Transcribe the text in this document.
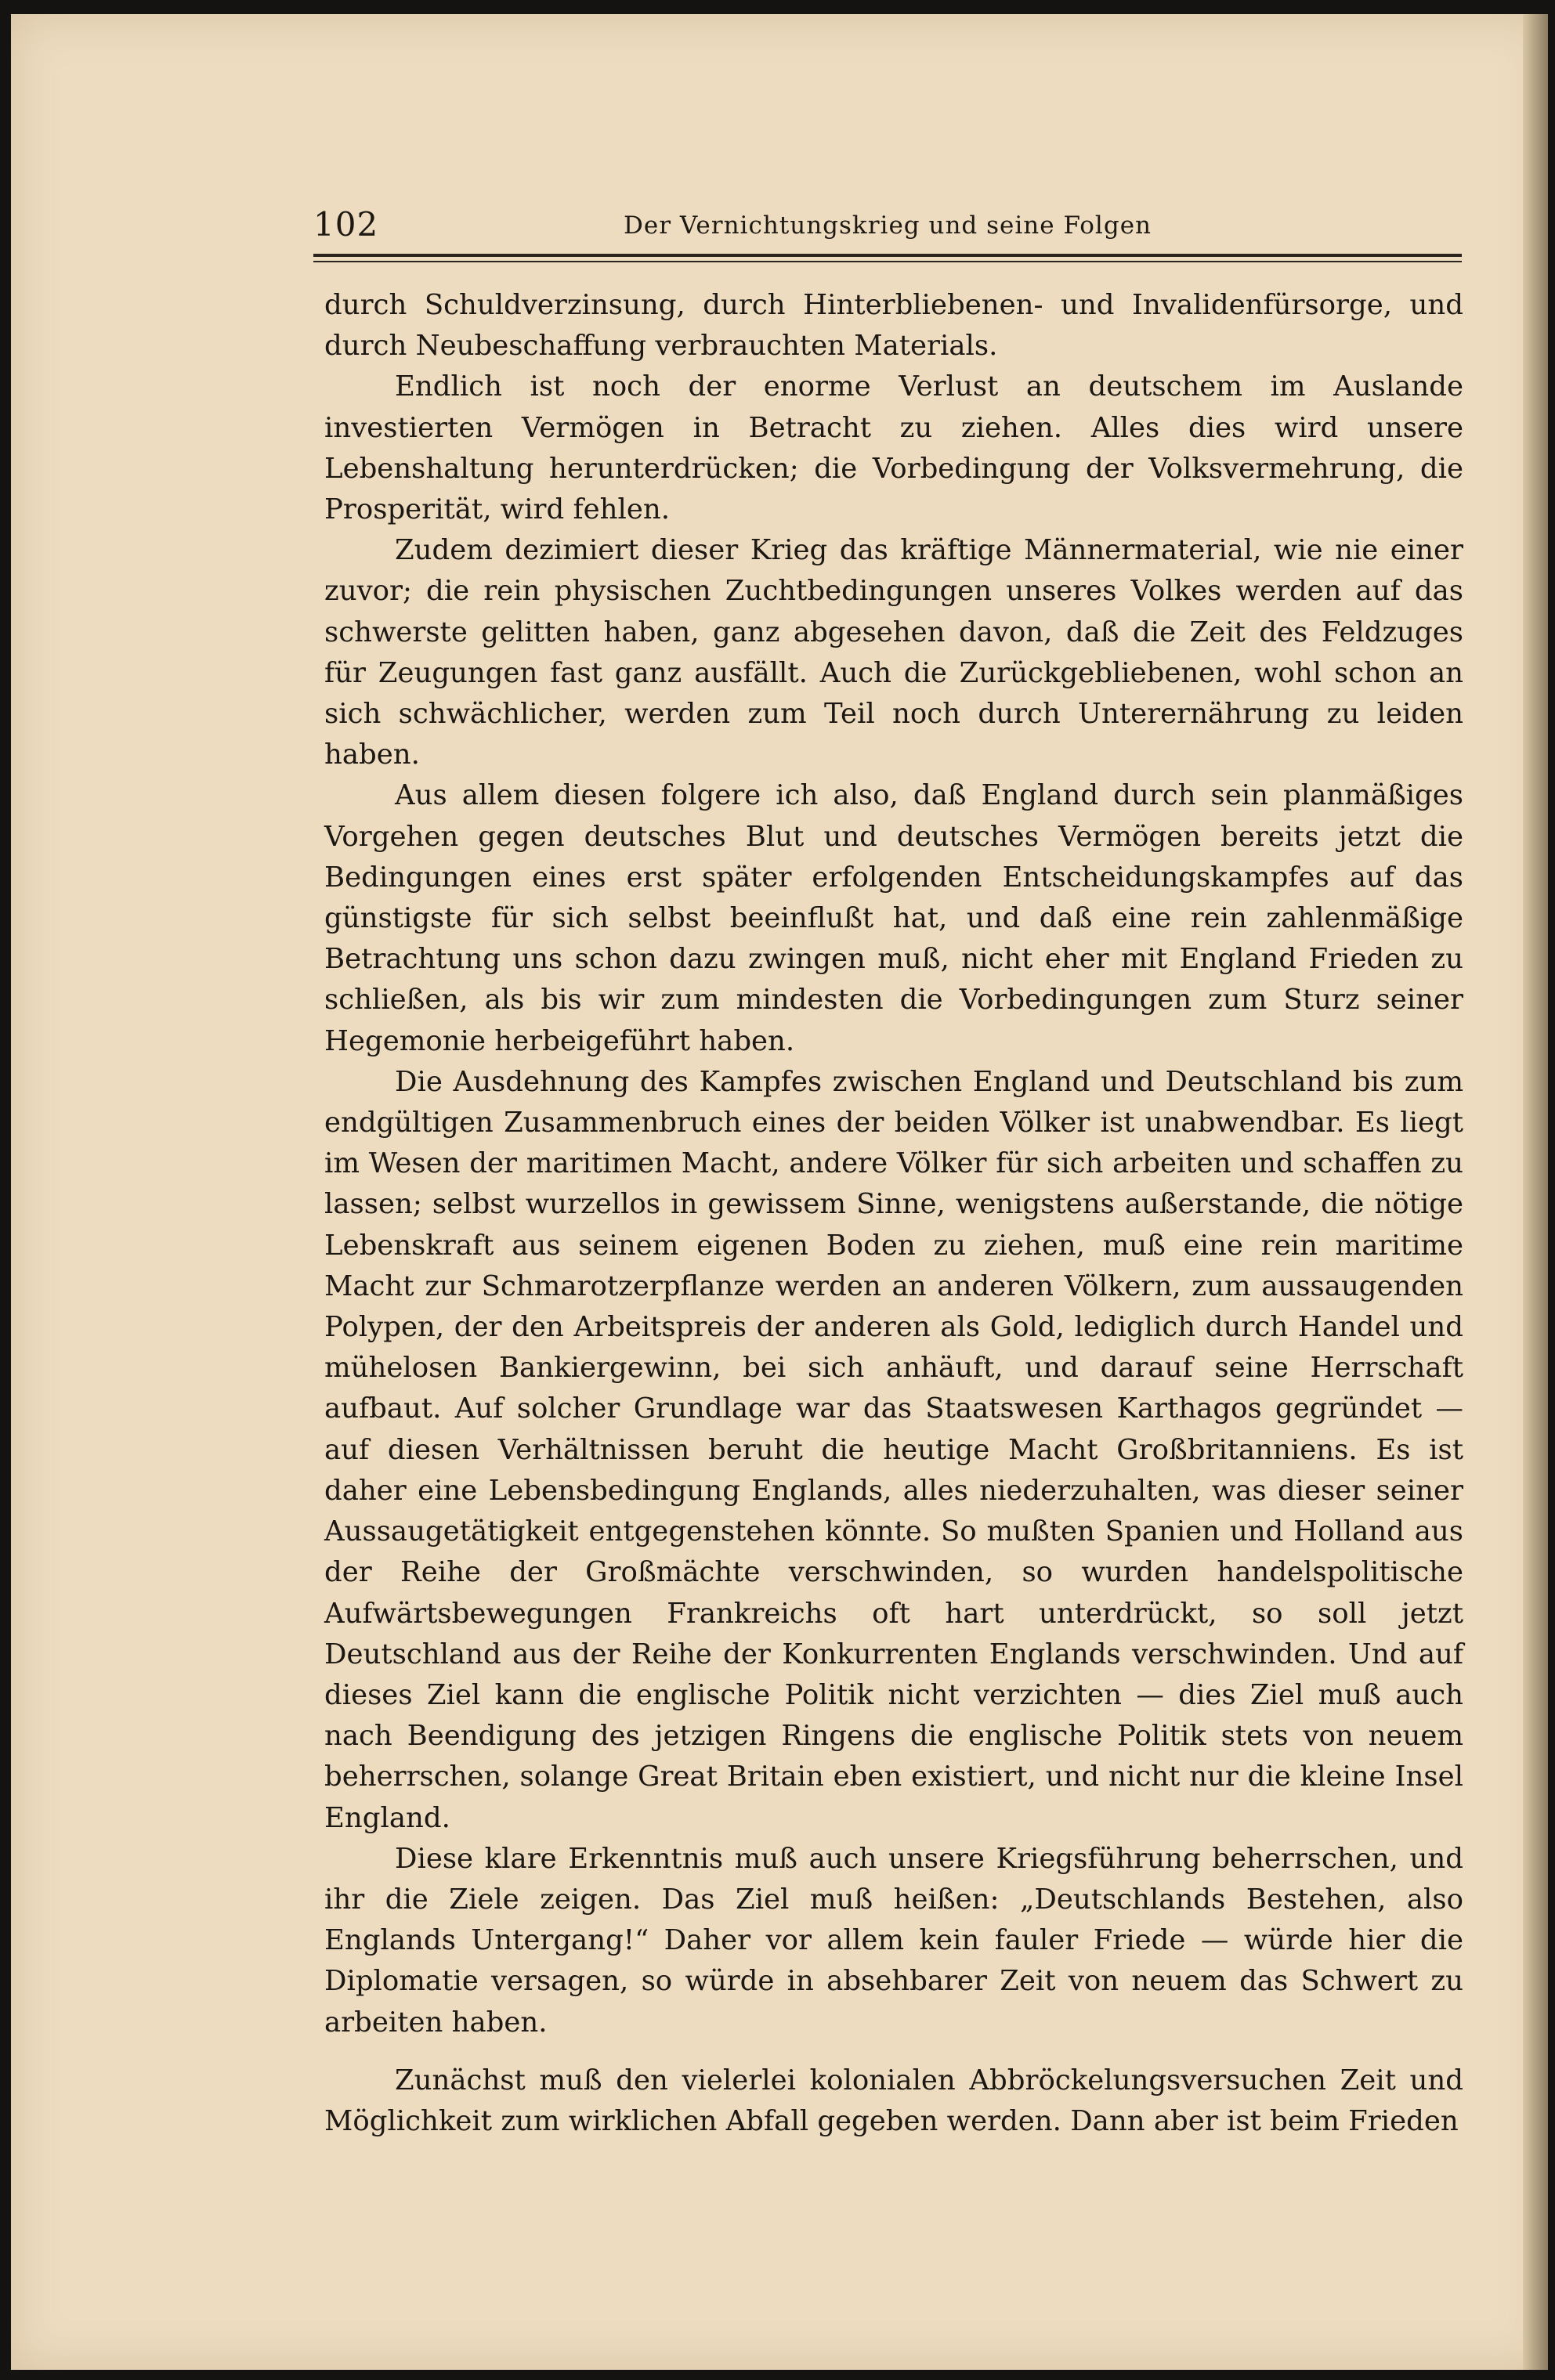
102	Der Vernichtungskrieg und seine Folgen

durch Schuldverzinsung, durch Hinterbliebenen- und Invalidenfürsorge, und durch Neubeschaffung verbrauchten Materials.

Endlich ist noch der enorme Verlust an deutschem im Auslande investierten Vermögen in Betracht zu ziehen. Alles dies wird unsere Lebenshaltung herunterdrücken; die Vorbedingung der Volksvermehrung, die Prosperität, wird fehlen.

Zudem dezimiert dieser Krieg das kräftige Männermaterial, wie nie einer zuvor; die rein physischen Zuchtbedingungen unseres Volkes werden auf das schwerste gelitten haben, ganz abgesehen davon, daß die Zeit des Feldzuges für Zeugungen fast ganz ausfällt. Auch die Zurückgebliebenen, wohl schon an sich schwächlicher, werden zum Teil noch durch Unterernährung zu leiden haben.

Aus allem diesen folgere ich also, daß England durch sein planmäßiges Vorgehen gegen deutsches Blut und deutsches Vermögen bereits jetzt die Bedingungen eines erst später erfolgenden Entscheidungskampfes auf das günstigste für sich selbst beeinflußt hat, und daß eine rein zahlenmäßige Betrachtung uns schon dazu zwingen muß, nicht eher mit England Frieden zu schließen, als bis wir zum mindesten die Vorbedingungen zum Sturz seiner Hegemonie herbeigeführt haben.

Die Ausdehnung des Kampfes zwischen England und Deutschland bis zum endgültigen Zusammenbruch eines der beiden Völker ist unabwendbar. Es liegt im Wesen der maritimen Macht, andere Völker für sich arbeiten und schaffen zu lassen; selbst wurzellos in gewissem Sinne, wenigstens außerstande, die nötige Lebenskraft aus seinem eigenen Boden zu ziehen, muß eine rein maritime Macht zur Schmarotzerpflanze werden an anderen Völkern, zum aussaugenden Polypen, der den Arbeitspreis der anderen als Gold, lediglich durch Handel und mühelosen Bankiergewinn, bei sich anhäuft, und darauf seine Herrschaft aufbaut. Auf solcher Grundlage war das Staatswesen Karthagos gegründet — auf diesen Verhältnissen beruht die heutige Macht Großbritanniens. Es ist daher eine Lebensbedingung Englands, alles niederzuhalten, was dieser seiner Aussaugetätigkeit entgegenstehen könnte. So mußten Spanien und Holland aus der Reihe der Großmächte verschwinden, so wurden handelspolitische Aufwärtsbewegungen Frankreichs oft hart unterdrückt, so soll jetzt Deutschland aus der Reihe der Konkurrenten Englands verschwinden. Und auf dieses Ziel kann die englische Politik nicht verzichten — dies Ziel muß auch nach Beendigung des jetzigen Ringens die englische Politik stets von neuem beherrschen, solange Great Britain eben existiert, und nicht nur die kleine Insel England.

Diese klare Erkenntnis muß auch unsere Kriegsführung beherrschen, und ihr die Ziele zeigen. Das Ziel muß heißen: „Deutschlands Bestehen, also Englands Untergang!“ Daher vor allem kein fauler Friede — würde hier die Diplomatie versagen, so würde in absehbarer Zeit von neuem das Schwert zu arbeiten haben.

Zunächst muß den vielerlei kolonialen Abbröckelungsversuchen Zeit und Möglichkeit zum wirklichen Abfall gegeben werden. Dann aber ist beim Frieden
